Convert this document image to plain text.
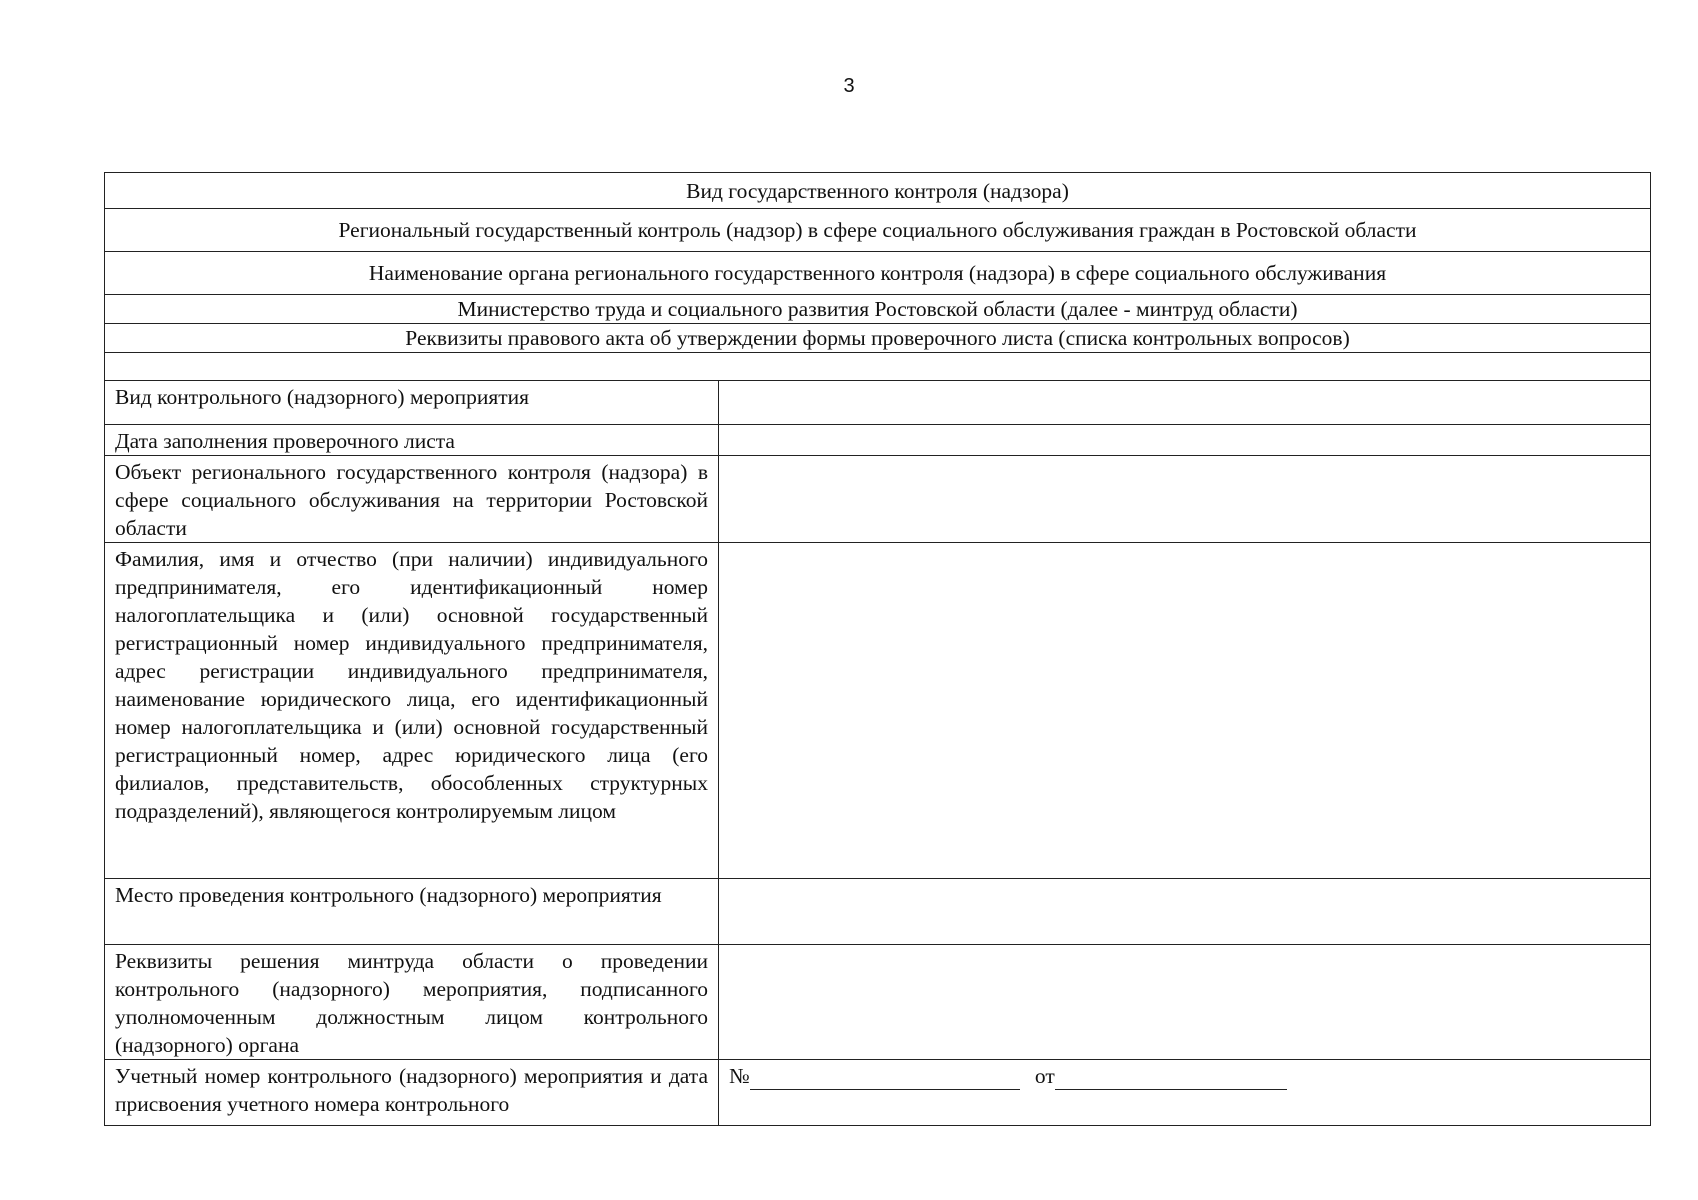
3
Вид государственного контроля (надзора)	
Региональный государственный контроль (надзор) в сфере социального обслуживания граждан в Ростовской области	
Наименование органа регионального государственного контроля (надзора) в сфере социального обслуживания	
Министерство труда и социального развития Ростовской области (далее - минтруд области)	
Реквизиты правового акта об утверждении формы проверочного листа (списка контрольных вопросов)	

Вид контрольного (надзорного) мероприятия	
Дата заполнения проверочного листа	
Объект регионального государственного контроля (надзора) в сфере социального обслуживания на территории Ростовской области	
Фамилия, имя и отчество (при наличии) индивидуального предпринимателя, его идентификационный номер налогоплательщика и (или) основной государственный регистрационный номер индивидуального предпринимателя, адрес регистрации индивидуального предпринимателя, наименование юридического лица, его идентификационный номер налогоплательщика и (или) основной государственный регистрационный номер, адрес юридического лица (его филиалов, представительств, обособленных структурных подразделений), являющегося контролируемым лицом	
Место проведения контрольного (надзорного) мероприятия	
Реквизиты решения минтруда области о проведении контрольного (надзорного) мероприятия, подписанного уполномоченным должностным лицом контрольного (надзорного) органа	
Учетный номер контрольного (надзорного) мероприятия и дата присвоения учетного номера контрольного	№ от
